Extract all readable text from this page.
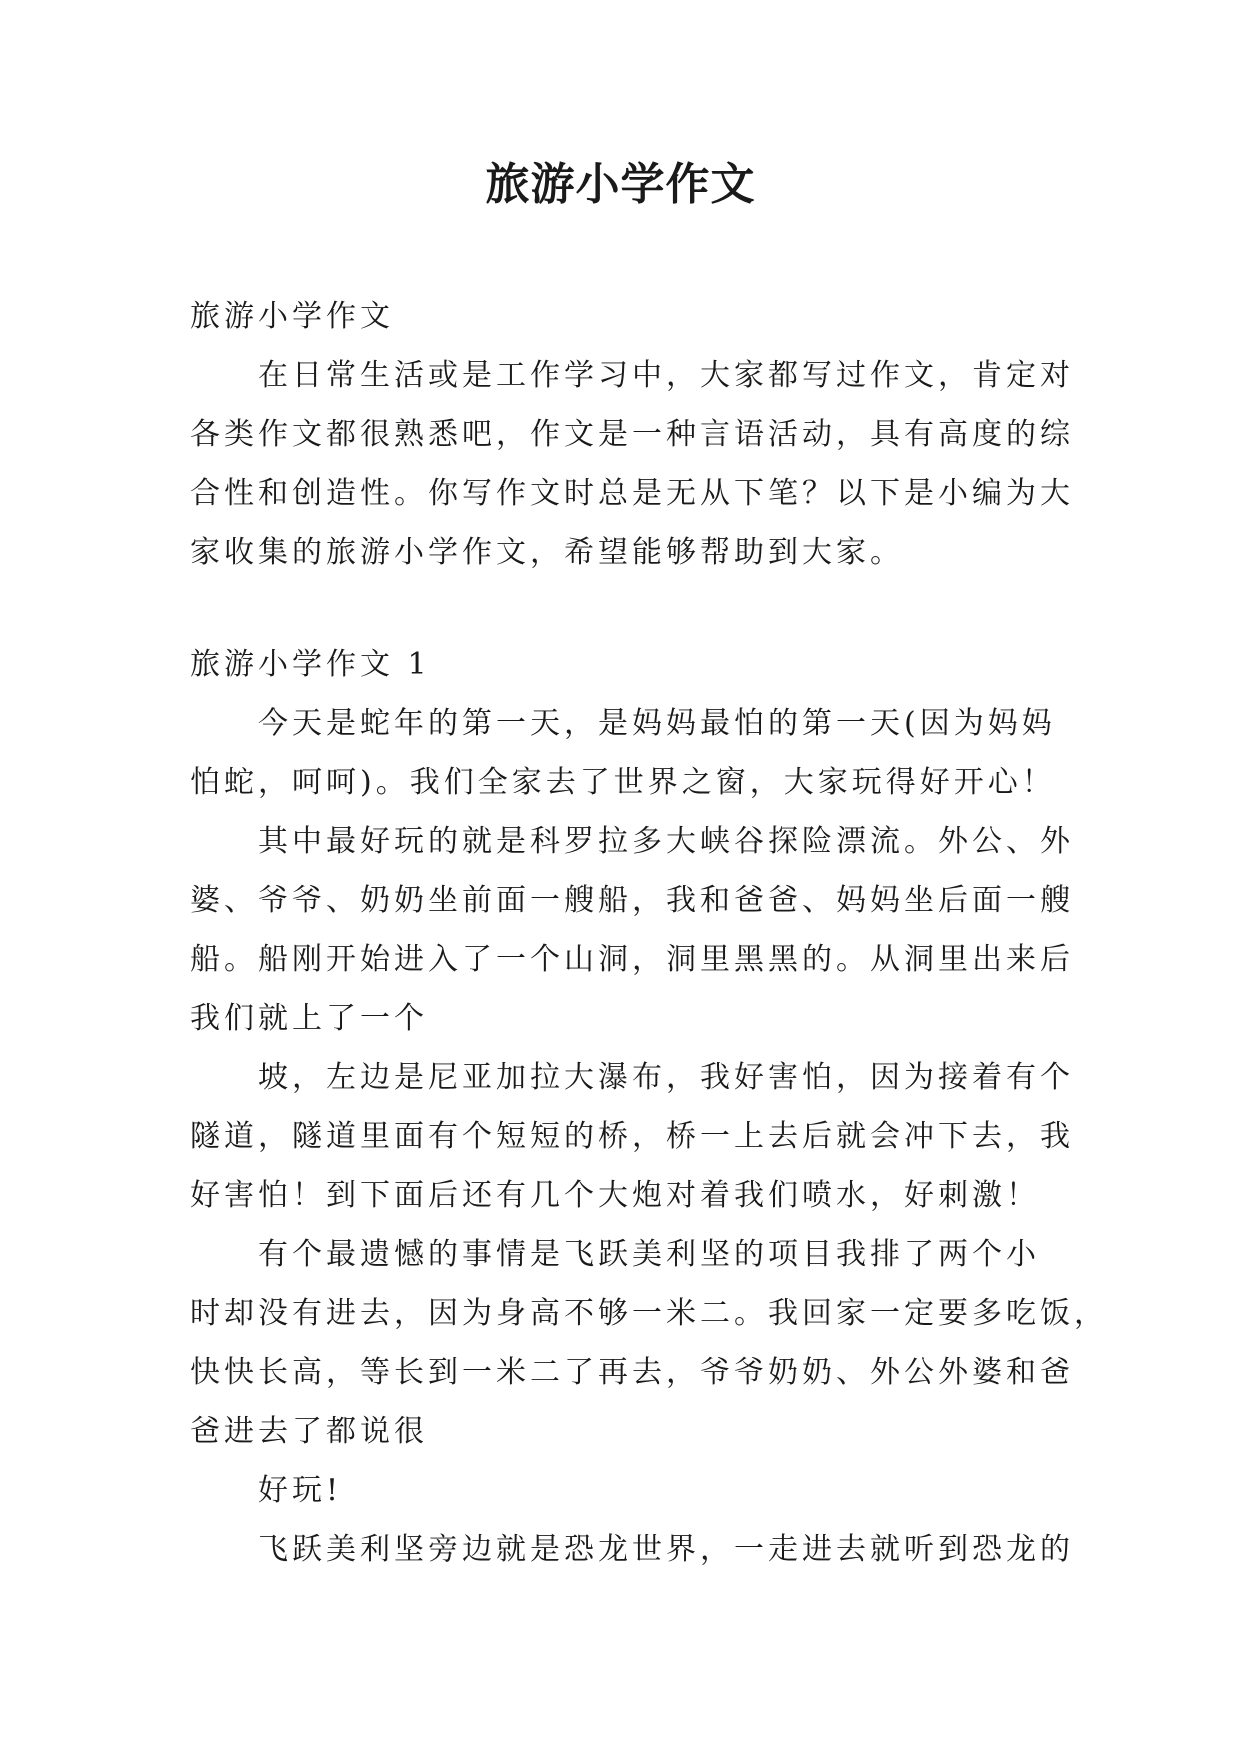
旅游小学作文
旅游小学作文
在日常生活或是工作学习中，大家都写过作文，肯定对
各类作文都很熟悉吧，作文是一种言语活动，具有高度的综
合性和创造性。你写作文时总是无从下笔？以下是小编为大
家收集的旅游小学作文，希望能够帮助到大家。
旅游小学作文 1
今天是蛇年的第一天，是妈妈最怕的第一天(因为妈妈
怕蛇，呵呵)。我们全家去了世界之窗，大家玩得好开心！
其中最好玩的就是科罗拉多大峡谷探险漂流。外公、外
婆、爷爷、奶奶坐前面一艘船，我和爸爸、妈妈坐后面一艘
船。船刚开始进入了一个山洞，洞里黑黑的。从洞里出来后
我们就上了一个
坡，左边是尼亚加拉大瀑布，我好害怕，因为接着有个
隧道，隧道里面有个短短的桥，桥一上去后就会冲下去，我
好害怕！到下面后还有几个大炮对着我们喷水，好刺激！
有个最遗憾的事情是飞跃美利坚的项目我排了两个小
时却没有进去，因为身高不够一米二。我回家一定要多吃饭，
快快长高，等长到一米二了再去，爷爷奶奶、外公外婆和爸
爸进去了都说很
好玩!
飞跃美利坚旁边就是恐龙世界，一走进去就听到恐龙的
